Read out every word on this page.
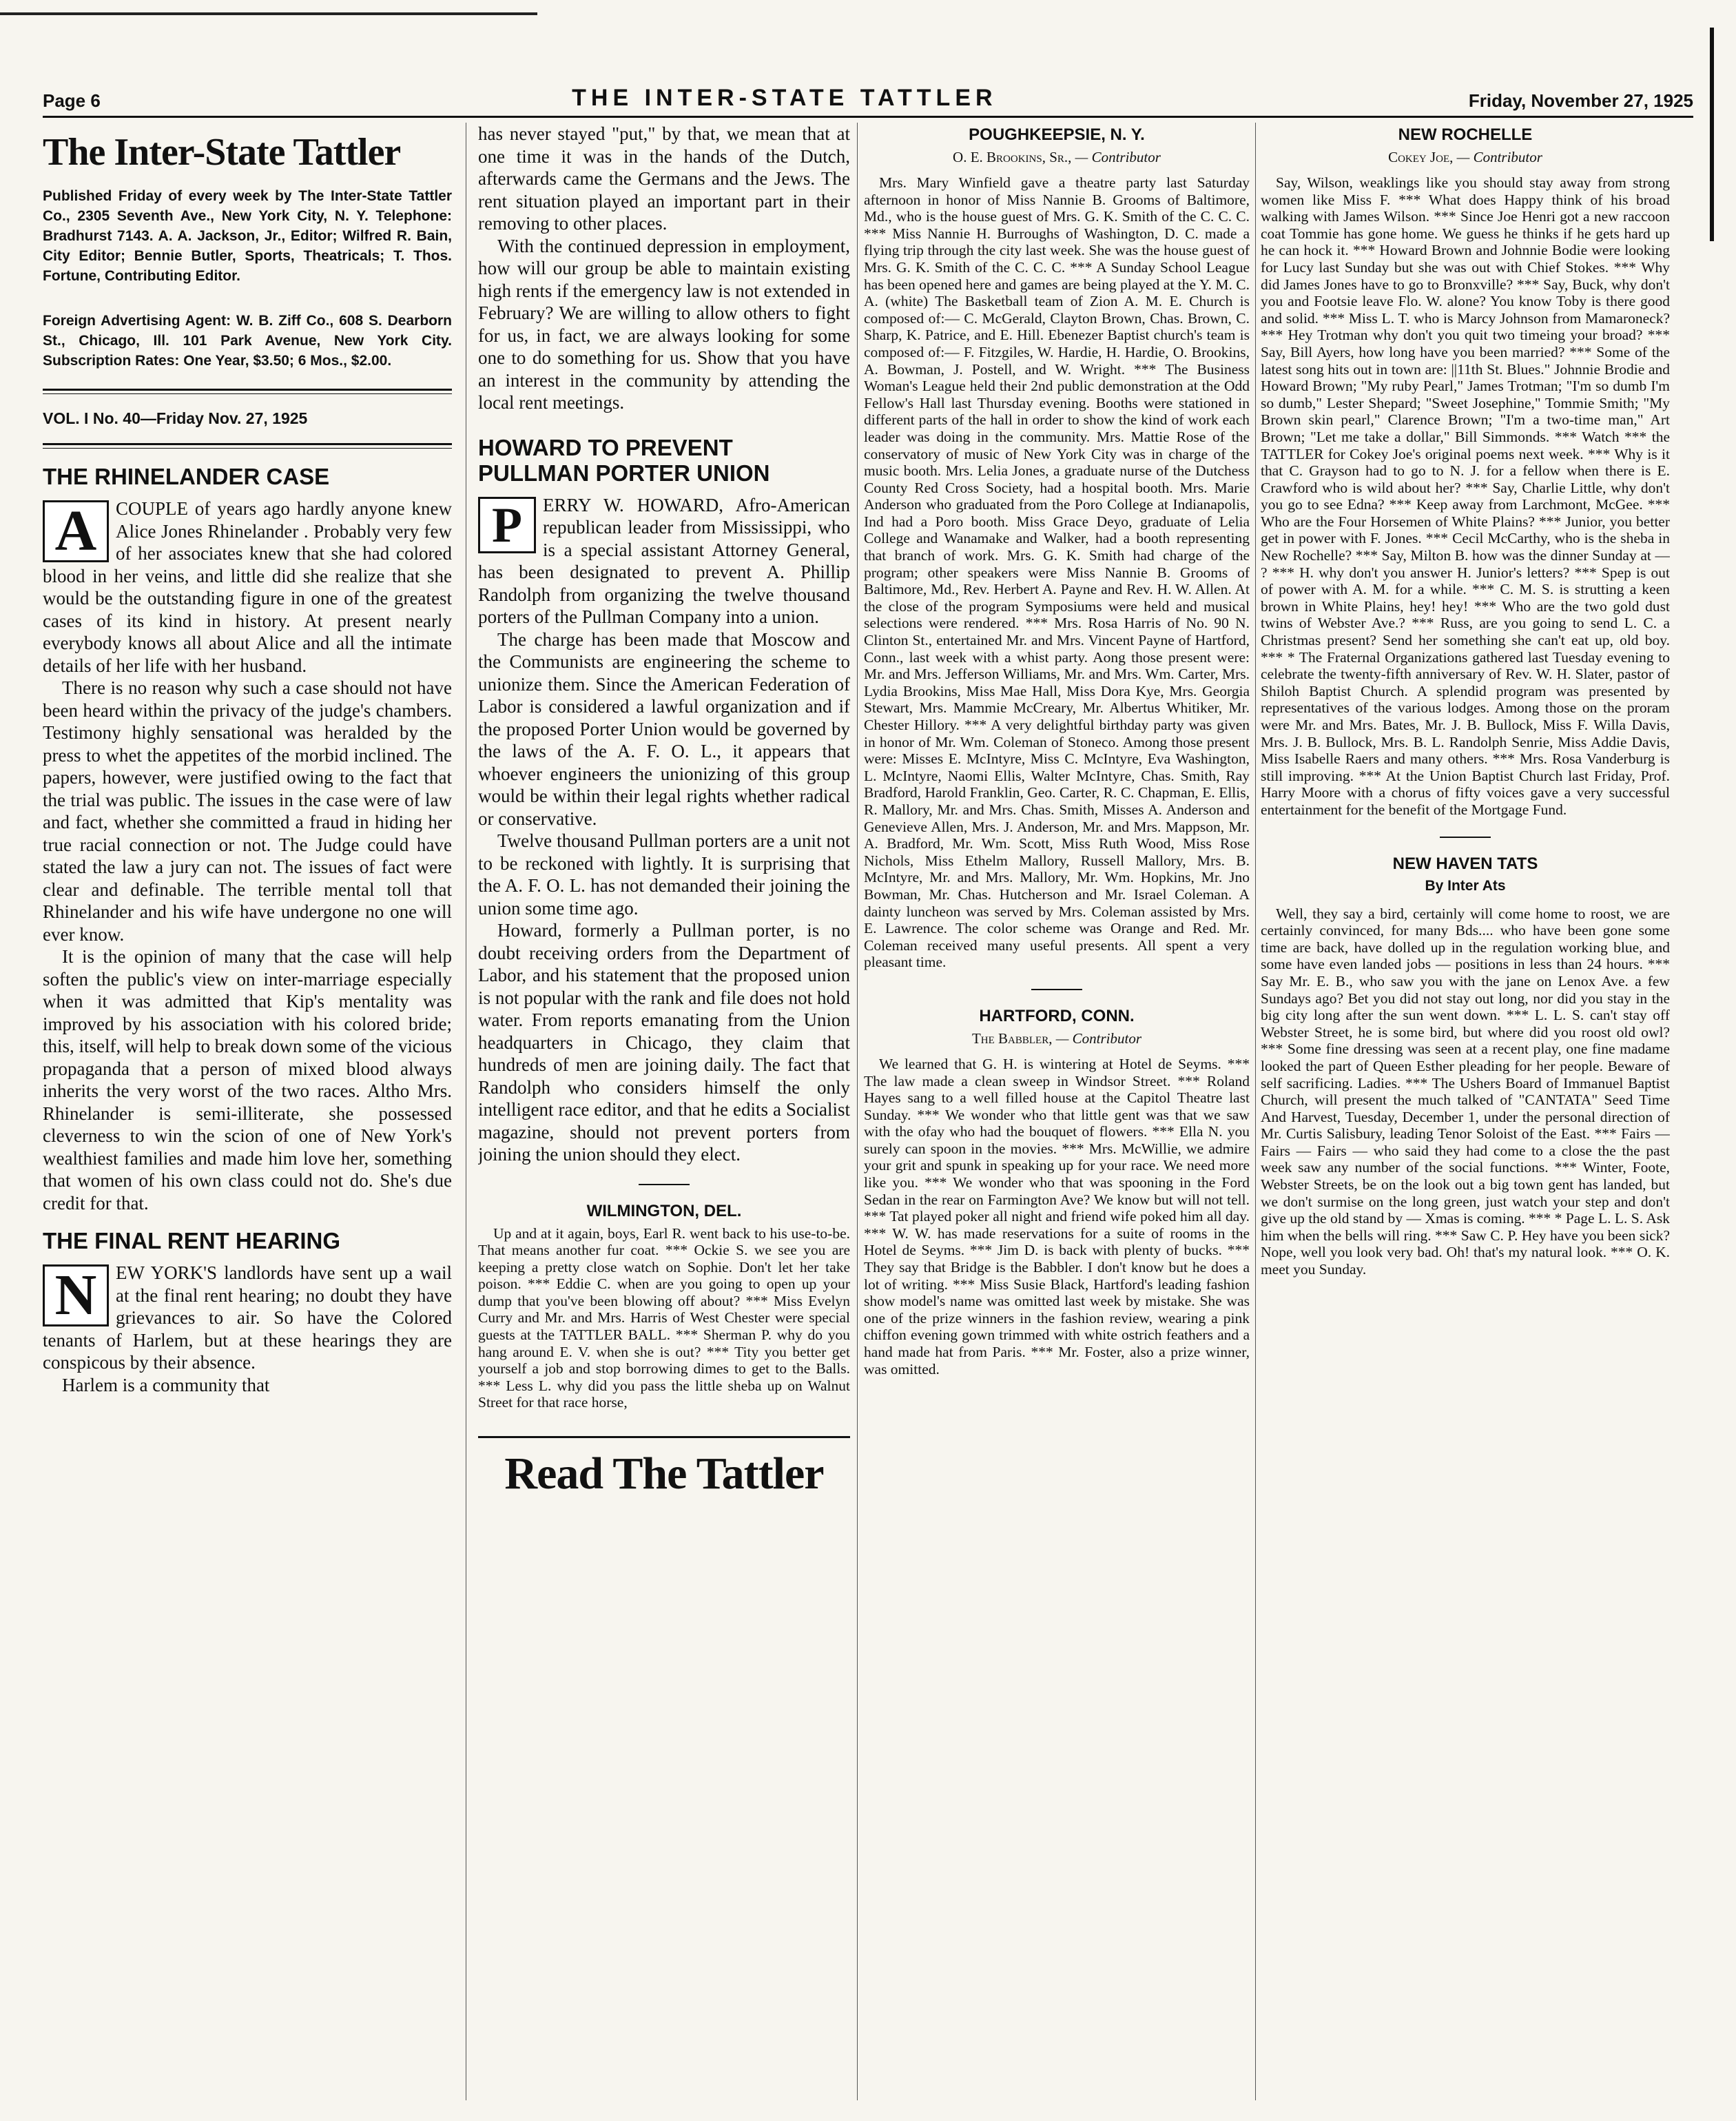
Page 6	THE INTER-STATE TATTLER	Friday, November 27, 1925
The Inter-State Tattler
Published Friday of every week by The Inter-State Tattler Co., 2305 Seventh Ave., New York City, N. Y. Telephone: Bradhurst 7143. A. A. Jackson, Jr., Editor; Wilfred R. Bain, City Editor; Bennie Butler, Sports, Theatricals; T. Thos. Fortune, Contributing Editor.
Foreign Advertising Agent: W. B. Ziff Co., 608 S. Dearborn St., Chicago, Ill. 101 Park Avenue, New York City. Subscription Rates: One Year, $3.50; 6 Mos., $2.00.
VOL. I No. 40—Friday Nov. 27, 1925
THE RHINELANDER CASE
A	COUPLE of years ago hardly anyone knew Alice Jones Rhinelander . Probably very few of her associates knew that she had colored blood in her veins, and little did she realize that she would be the outstanding figure in one of the greatest cases of its kind in history. At present nearly everybody knows all about Alice and all the intimate details of her life with her husband.

There is no reason why such a case should not have been heard within the privacy of the judge's chambers. Testimony highly sensational was heralded by the press to whet the appetites of the morbid inclined. The papers, however, were justified owing to the fact that the trial was public. The issues in the case were of law and fact, whether she committed a fraud in hiding her true racial connection or not. The Judge could have stated the law a jury can not. The issues of fact were clear and definable. The terrible mental toll that Rhinelander and his wife have undergone no one will ever know.

It is the opinion of many that the case will help soften the public's view on inter-marriage especially when it was admitted that Kip's mentality was improved by his association with his colored bride; this, itself, will help to break down some of the vicious propaganda that a person of mixed blood always inherits the very worst of the two races. Altho Mrs. Rhinelander is semi-illiterate, she possessed cleverness to win the scion of one of New York's wealthiest families and made him love her, something that women of his own class could not do. She's due credit for that.

THE FINAL RENT HEARING
N	EW YORK'S landlords have sent up a wail at the final rent hearing; no doubt they have grievances to air. So have the Colored tenants of Harlem, but at these hearings they are conspicous by their absence.

Harlem is a community that

has never stayed "put," by that, we mean that at one time it was in the hands of the Dutch, afterwards came the Germans and the Jews. The rent situation played an important part in their removing to other places.

With the continued depression in employment, how will our group be able to maintain existing high rents if the emergency law is not extended in February? We are willing to allow others to fight for us, in fact, we are always looking for some one to do something for us. Show that you have an interest in the community by attending the local rent meetings.

HOWARD TO PREVENT PULLMAN PORTER UNION
P	ERRY W. HOWARD, Afro-American republican leader from Mississippi, who is a special assistant Attorney General, has been designated to prevent A. Phillip Randolph from organizing the twelve thousand porters of the Pullman Company into a union.

The charge has been made that Moscow and the Communists are engineering the scheme to unionize them. Since the American Federation of Labor is considered a lawful organization and if the proposed Porter Union would be governed by the laws of the A. F. O. L., it appears that whoever engineers the unionizing of this group would be within their legal rights whether radical or conservative.

Twelve thousand Pullman porters are a unit not to be reckoned with lightly. It is surprising that the A. F. O. L. has not demanded their joining the union some time ago.

Howard, formerly a Pullman porter, is no doubt receiving orders from the Department of Labor, and his statement that the proposed union is not popular with the rank and file does not hold water. From reports emanating from the Union headquarters in Chicago, they claim that hundreds of men are joining daily. The fact that Randolph who considers himself the only intelligent race editor, and that he edits a Socialist magazine, should not prevent porters from joining the union should they elect.

WILMINGTON, DEL.
Up and at it again, boys, Earl R. went back to his use-to-be. That means another fur coat. *** Ockie S. we see you are keeping a pretty close watch on Sophie. Don't let her take poison. *** Eddie C. when are you going to open up your dump that you've been blowing off about? *** Miss Evelyn Curry and Mr. and Mrs. Harris of West Chester were special guests at the TATTLER BALL. *** Sherman P. why do you hang around E. V. when she is out? *** Tity you better get yourself a job and stop borrowing dimes to get to the Balls. *** Less L. why did you pass the little sheba up on Walnut Street for that race horse,
Read The Tattler
POUGHKEEPSIE, N. Y.
O. E. Brookins, Sr., — Contributor
Mrs. Mary Winfield gave a theatre party last Saturday afternoon in honor of Miss Nannie B. Grooms of Baltimore, Md., who is the house guest of Mrs. G. K. Smith of the C. C. C. *** Miss Nannie H. Burroughs of Washington, D. C. made a flying trip through the city last week. She was the house guest of Mrs. G. K. Smith of the C. C. C. *** A Sunday School League has been opened here and games are being played at the Y. M. C. A. (white) The Basketball team of Zion A. M. E. Church is composed of:— C. McGerald, Clayton Brown, Chas. Brown, C. Sharp, K. Patrice, and E. Hill. Ebenezer Baptist church's team is composed of:— F. Fitzgiles, W. Hardie, H. Hardie, O. Brookins, A. Bowman, J. Postell, and W. Wright. *** The Business Woman's League held their 2nd public demonstration at the Odd Fellow's Hall last Thursday evening. Booths were stationed in different parts of the hall in order to show the kind of work each leader was doing in the community. Mrs. Mattie Rose of the conservatory of music of New York City was in charge of the music booth. Mrs. Lelia Jones, a graduate nurse of the Dutchess County Red Cross Society, had a hospital booth. Mrs. Marie Anderson who graduated from the Poro College at Indianapolis, Ind had a Poro booth. Miss Grace Deyo, graduate of Lelia College and Wanamake and Walker, had a booth representing that branch of work. Mrs. G. K. Smith had charge of the program; other speakers were Miss Nannie B. Grooms of Baltimore, Md., Rev. Herbert A. Payne and Rev. H. W. Allen. At the close of the program Symposiums were held and musical selections were rendered. *** Mrs. Rosa Harris of No. 90 N. Clinton St., entertained Mr. and Mrs. Vincent Payne of Hartford, Conn., last week with a whist party. Aong those present were: Mr. and Mrs. Jefferson Williams, Mr. and Mrs. Wm. Carter, Mrs. Lydia Brookins, Miss Mae Hall, Miss Dora Kye, Mrs. Georgia Stewart, Mrs. Mammie McCreary, Mr. Albertus Whitiker, Mr. Chester Hillory. *** A very delightful birthday party was given in honor of Mr. Wm. Coleman of Stoneco. Among those present were: Misses E. McIntyre, Miss C. McIntyre, Eva Washington, L. McIntyre, Naomi Ellis, Walter McIntyre, Chas. Smith, Ray Bradford, Harold Franklin, Geo. Carter, R. C. Chapman, E. Ellis, R. Mallory, Mr. and Mrs. Chas. Smith, Misses A. Anderson and Genevieve Allen, Mrs. J. Anderson, Mr. and Mrs. Mappson, Mr. A. Bradford, Mr. Wm. Scott, Miss Ruth Wood, Miss Rose Nichols, Miss Ethelm Mallory, Russell Mallory, Mrs. B. McIntyre, Mr. and Mrs. Mallory, Mr. Wm. Hopkins, Mr. Jno Bowman, Mr. Chas. Hutcherson and Mr. Israel Coleman. A dainty luncheon was served by Mrs. Coleman assisted by Mrs. E. Lawrence. The color scheme was Orange and Red. Mr. Coleman received many useful presents. All spent a very pleasant time.
HARTFORD, CONN.
The Babbler, — Contributor
We learned that G. H. is wintering at Hotel de Seyms. *** The law made a clean sweep in Windsor Street. *** Roland Hayes sang to a well filled house at the Capitol Theatre last Sunday. *** We wonder who that little gent was that we saw with the ofay who had the bouquet of flowers. *** Ella N. you surely can spoon in the movies. *** Mrs. McWillie, we admire your grit and spunk in speaking up for your race. We need more like you. *** We wonder who that was spooning in the Ford Sedan in the rear on Farmington Ave? We know but will not tell. *** Tat played poker all night and friend wife poked him all day. *** W. W. has made reservations for a suite of rooms in the Hotel de Seyms. *** Jim D. is back with plenty of bucks. *** They say that Bridge is the Babbler. I don't know but he does a lot of writing. *** Miss Susie Black, Hartford's leading fashion show model's name was omitted last week by mistake. She was one of the prize winners in the fashion review, wearing a pink chiffon evening gown trimmed with white ostrich feathers and a hand made hat from Paris. *** Mr. Foster, also a prize winner, was omitted.
NEW ROCHELLE
Cokey Joe, — Contributor
Say, Wilson, weaklings like you should stay away from strong women like Miss F. *** What does Happy think of his broad walking with James Wilson. *** Since Joe Henri got a new raccoon coat Tommie has gone home. We guess he thinks if he gets hard up he can hock it. *** Howard Brown and Johnnie Bodie were looking for Lucy last Sunday but she was out with Chief Stokes. *** Why did James Jones have to go to Bronxville? *** Say, Buck, why don't you and Footsie leave Flo. W. alone? You know Toby is there good and solid. *** Miss L. T. who is Marcy Johnson from Mamaroneck? *** Hey Trotman why don't you quit two timeing your broad? *** Say, Bill Ayers, how long have you been married? *** Some of the latest song hits out in town are: ||11th St. Blues." Johnnie Brodie and Howard Brown; "My ruby Pearl," James Trotman; "I'm so dumb I'm so dumb," Lester Shepard; "Sweet Josephine," Tommie Smith; "My Brown skin pearl," Clarence Brown; "I'm a two-time man," Art Brown; "Let me take a dollar," Bill Simmonds. *** Watch *** the TATTLER for Cokey Joe's original poems next week. *** Why is it that C. Grayson had to go to N. J. for a fellow when there is E. Crawford who is wild about her? *** Say, Charlie Little, why don't you go to see Edna? *** Keep away from Larchmont, McGee. *** Who are the Four Horsemen of White Plains? *** Junior, you better get in power with F. Jones. *** Cecil McCarthy, who is the sheba in New Rochelle? *** Say, Milton B. how was the dinner Sunday at — ? *** H. why don't you answer H. Junior's letters? *** Spep is out of power with A. M. for a while. *** C. M. S. is strutting a keen brown in White Plains, hey! hey! *** Who are the two gold dust twins of Webster Ave.? *** Russ, are you going to send L. C. a Christmas present? Send her something she can't eat up, old boy. *** * The Fraternal Organizations gathered last Tuesday evening to celebrate the twenty-fifth anniversary of Rev. W. H. Slater, pastor of Shiloh Baptist Church. A splendid program was presented by representatives of the various lodges. Among those on the proram were Mr. and Mrs. Bates, Mr. J. B. Bullock, Miss F. Willa Davis, Mrs. J. B. Bullock, Mrs. B. L. Randolph Senrie, Miss Addie Davis, Miss Isabelle Raers and many others. *** Mrs. Rosa Vanderburg is still improving. *** At the Union Baptist Church last Friday, Prof. Harry Moore with a chorus of fifty voices gave a very successful entertainment for the benefit of the Mortgage Fund.
NEW HAVEN TATS
By Inter Ats
Well, they say a bird, certainly will come home to roost, we are certainly convinced, for many Bds.... who have been gone some time are back, have dolled up in the regulation working blue, and some have even landed jobs — positions in less than 24 hours. *** Say Mr. E. B., who saw you with the jane on Lenox Ave. a few Sundays ago? Bet you did not stay out long, nor did you stay in the big city long after the sun went down. *** L. L. S. can't stay off Webster Street, he is some bird, but where did you roost old owl? *** Some fine dressing was seen at a recent play, one fine madame looked the part of Queen Esther pleading for her people. Beware of self sacrificing. Ladies. *** The Ushers Board of Immanuel Baptist Church, will present the much talked of "CANTATA" Seed Time And Harvest, Tuesday, December 1, under the personal direction of Mr. Curtis Salisbury, leading Tenor Soloist of the East. *** Fairs — Fairs — Fairs — who said they had come to a close the the past week saw any number of the social functions. *** Winter, Foote, Webster Streets, be on the look out a big town gent has landed, but we don't surmise on the long green, just watch your step and don't give up the old stand by — Xmas is coming. *** * Page L. L. S. Ask him when the bells will ring. *** Saw C. P. Hey have you been sick? Nope, well you look very bad. Oh! that's my natural look. *** O. K. meet you Sunday.
